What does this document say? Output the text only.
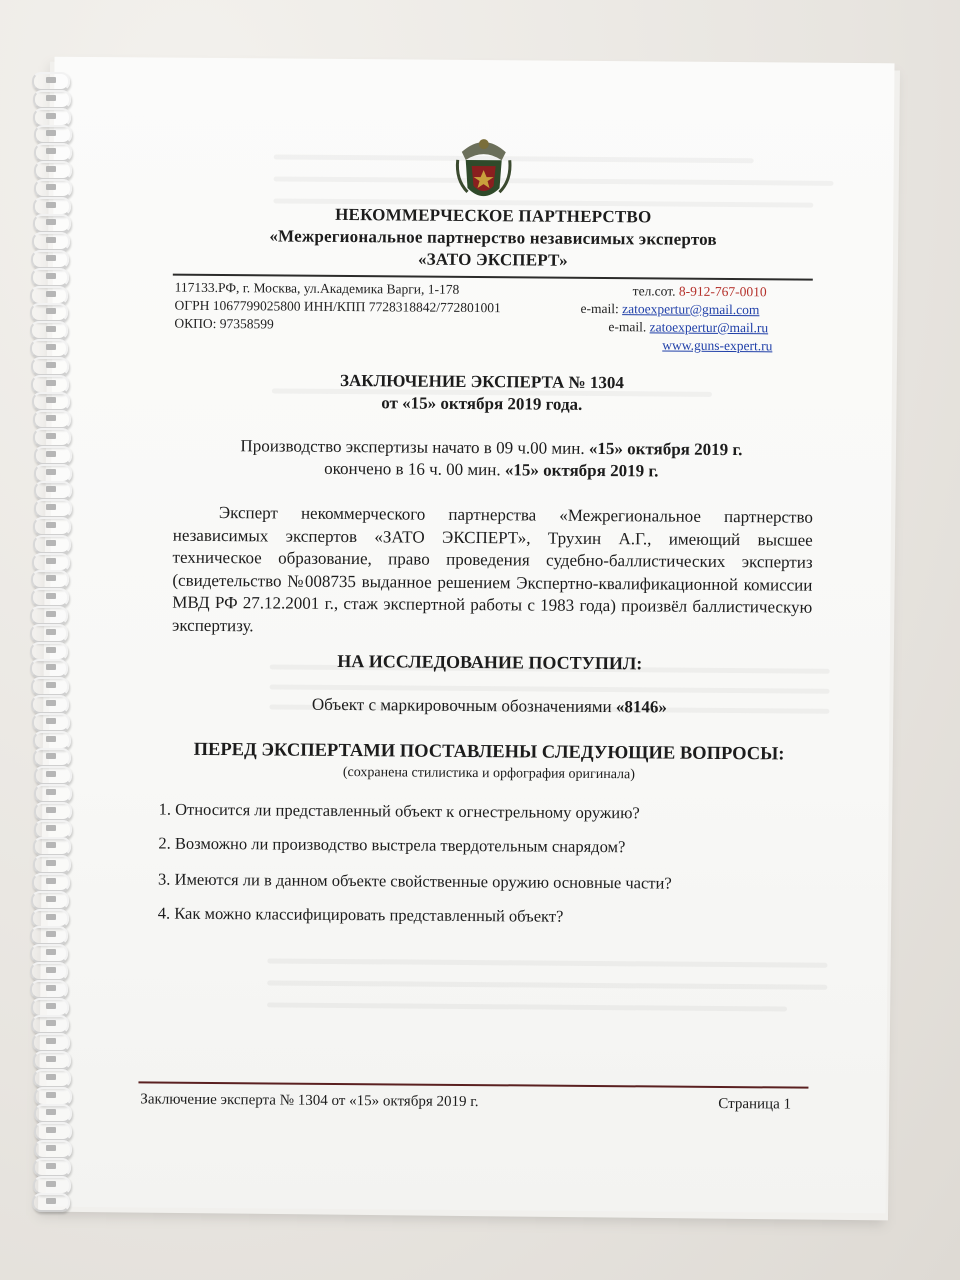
НЕКОММЕРЧЕСКОЕ ПАРТНЕРСТВО
«Межрегиональное партнерство независимых экспертов
«ЗАТО ЭКСПЕРТ»
117133.РФ, г. Москва, ул.Академика Варги, 1-178
ОГРН 1067799025800 ИНН/КПП 7728318842/772801001
ОКПО: 97358599
тел.сот. 8-912-767-0010
e-mail: zatoexpertur@gmail.com
e-mail. zatoexpertur@mail.ru
www.guns-expert.ru
ЗАКЛЮЧЕНИЕ ЭКСПЕРТА № 1304
от «15» октября 2019 года.
Производство экспертизы начато в 09 ч.00 мин. «15» октября 2019 г.
окончено в 16 ч. 00 мин. «15» октября 2019 г.
Эксперт некоммерческого партнерства «Межрегиональное партнерство независимых экспертов «ЗАТО ЭКСПЕРТ», Трухин А.Г., имеющий высшее техническое образование, право проведения судебно-баллистических экспертиз (свидетельство №008735 выданное решением Экспертно-квалификационной комиссии МВД РФ 27.12.2001 г., стаж экспертной работы с 1983 года) произвёл баллистическую экспертизу.
НА ИССЛЕДОВАНИЕ ПОСТУПИЛ:
Объект с маркировочным обозначениями «8146»
ПЕРЕД ЭКСПЕРТАМИ ПОСТАВЛЕНЫ СЛЕДУЮЩИЕ ВОПРОСЫ:
(сохранена стилистика и орфография оригинала)
1. Относится ли представленный объект к огнестрельному оружию?
2. Возможно ли производство выстрела твердотельным снарядом?
3. Имеются ли в данном объекте свойственные оружию основные части?
4. Как можно классифицировать представленный объект?
Заключение эксперта № 1304 от «15» октября 2019 г.	Страница 1
